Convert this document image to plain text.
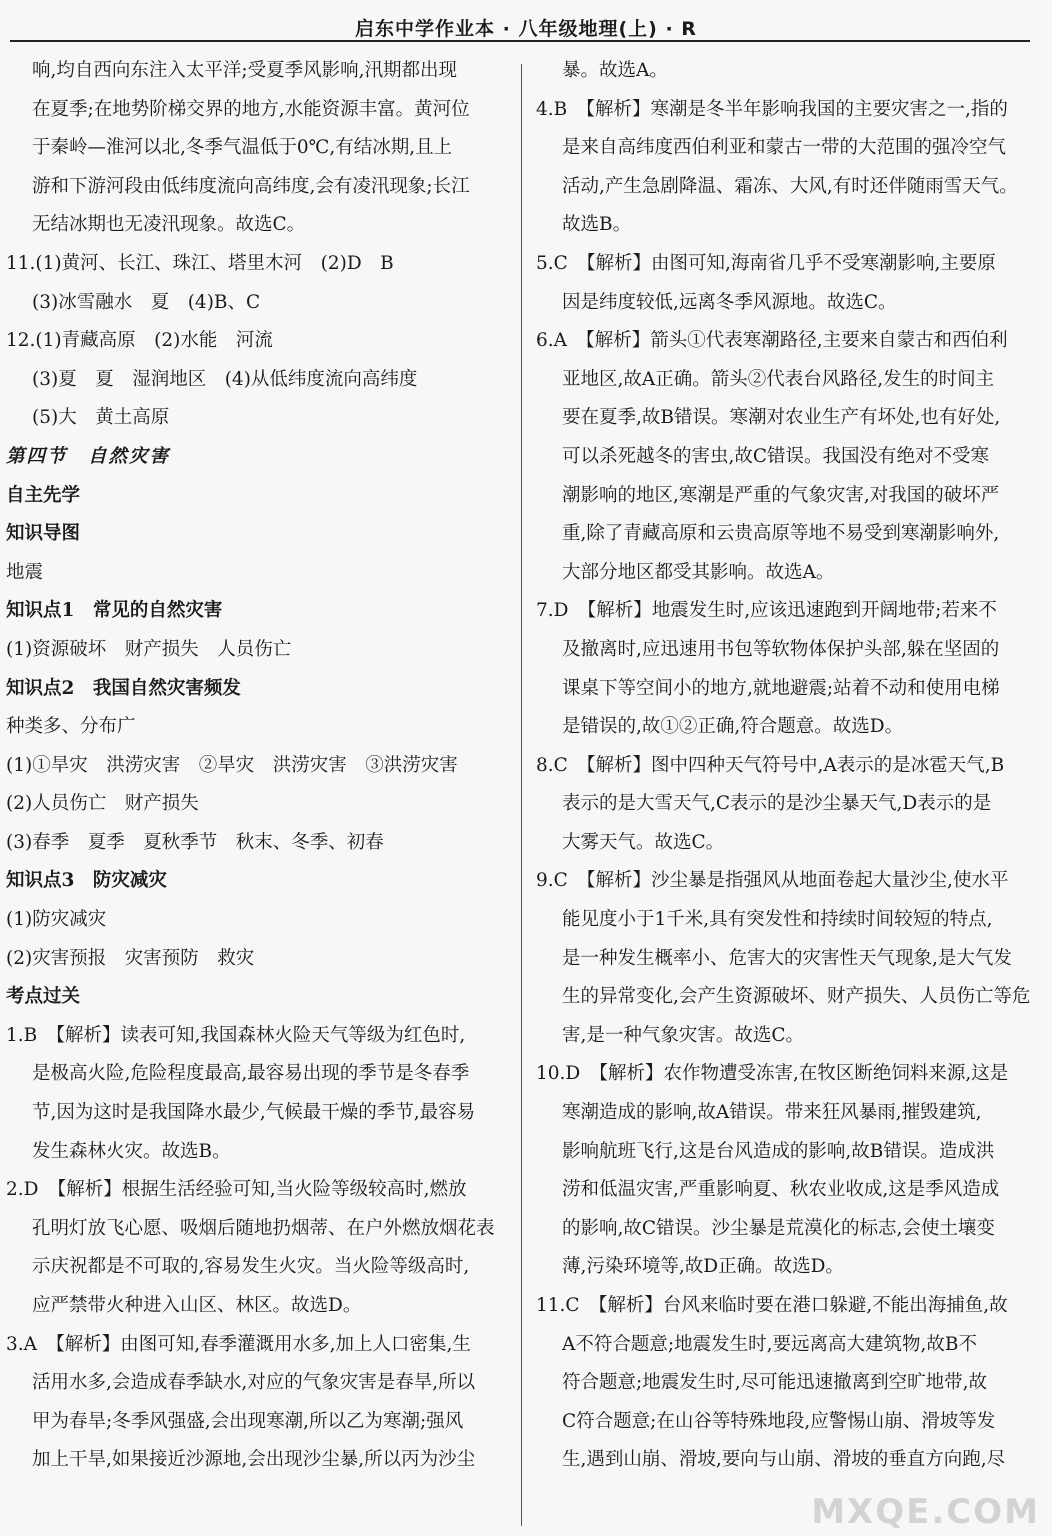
启东中学作业本 · 八年级地理(上) · R
响,均自西向东注入太平洋;受夏季风影响,汛期都出现
在夏季;在地势阶梯交界的地方,水能资源丰富。黄河位
于秦岭—淮河以北,冬季气温低于0℃,有结冰期,且上
游和下游河段由低纬度流向高纬度,会有凌汛现象;长江
无结冰期也无凌汛现象。故选C。
11.(1)黄河、长江、珠江、塔里木河　(2)D　B
(3)冰雪融水　夏　(4)B、C
12.(1)青藏高原　(2)水能　河流
(3)夏　夏　湿润地区　(4)从低纬度流向高纬度
(5)大　黄土高原
第四节　自然灾害
自主先学
知识导图
地震
知识点1　常见的自然灾害
(1)资源破坏　财产损失　人员伤亡
知识点2　我国自然灾害频发
种类多、分布广
(1)①旱灾　洪涝灾害　②旱灾　洪涝灾害　③洪涝灾害
(2)人员伤亡　财产损失
(3)春季　夏季　夏秋季节　秋末、冬季、初春
知识点3　防灾减灾
(1)防灾减灾
(2)灾害预报　灾害预防　救灾
考点过关
1.B　【解析】读表可知,我国森林火险天气等级为红色时,
是极高火险,危险程度最高,最容易出现的季节是冬春季
节,因为这时是我国降水最少,气候最干燥的季节,最容易
发生森林火灾。故选B。
2.D　【解析】根据生活经验可知,当火险等级较高时,燃放
孔明灯放飞心愿、吸烟后随地扔烟蒂、在户外燃放烟花表
示庆祝都是不可取的,容易发生火灾。当火险等级高时,
应严禁带火种进入山区、林区。故选D。
3.A　【解析】由图可知,春季灌溉用水多,加上人口密集,生
活用水多,会造成春季缺水,对应的气象灾害是春旱,所以
甲为春旱;冬季风强盛,会出现寒潮,所以乙为寒潮;强风
加上干旱,如果接近沙源地,会出现沙尘暴,所以丙为沙尘
暴。故选A。
4.B　【解析】寒潮是冬半年影响我国的主要灾害之一,指的
是来自高纬度西伯利亚和蒙古一带的大范围的强冷空气
活动,产生急剧降温、霜冻、大风,有时还伴随雨雪天气。
故选B。
5.C　【解析】由图可知,海南省几乎不受寒潮影响,主要原
因是纬度较低,远离冬季风源地。故选C。
6.A　【解析】箭头①代表寒潮路径,主要来自蒙古和西伯利
亚地区,故A正确。箭头②代表台风路径,发生的时间主
要在夏季,故B错误。寒潮对农业生产有坏处,也有好处,
可以杀死越冬的害虫,故C错误。我国没有绝对不受寒
潮影响的地区,寒潮是严重的气象灾害,对我国的破坏严
重,除了青藏高原和云贵高原等地不易受到寒潮影响外,
大部分地区都受其影响。故选A。
7.D　【解析】地震发生时,应该迅速跑到开阔地带;若来不
及撤离时,应迅速用书包等软物体保护头部,躲在坚固的
课桌下等空间小的地方,就地避震;站着不动和使用电梯
是错误的,故①②正确,符合题意。故选D。
8.C　【解析】图中四种天气符号中,A表示的是冰雹天气,B
表示的是大雪天气,C表示的是沙尘暴天气,D表示的是
大雾天气。故选C。
9.C　【解析】沙尘暴是指强风从地面卷起大量沙尘,使水平
能见度小于1千米,具有突发性和持续时间较短的特点,
是一种发生概率小、危害大的灾害性天气现象,是大气发
生的异常变化,会产生资源破坏、财产损失、人员伤亡等危
害,是一种气象灾害。故选C。
10.D　【解析】农作物遭受冻害,在牧区断绝饲料来源,这是
寒潮造成的影响,故A错误。带来狂风暴雨,摧毁建筑,
影响航班飞行,这是台风造成的影响,故B错误。造成洪
涝和低温灾害,严重影响夏、秋农业收成,这是季风造成
的影响,故C错误。沙尘暴是荒漠化的标志,会使土壤变
薄,污染环境等,故D正确。故选D。
11.C　【解析】台风来临时要在港口躲避,不能出海捕鱼,故
A不符合题意;地震发生时,要远离高大建筑物,故B不
符合题意;地震发生时,尽可能迅速撤离到空旷地带,故
C符合题意;在山谷等特殊地段,应警惕山崩、滑坡等发
生,遇到山崩、滑坡,要向与山崩、滑坡的垂直方向跑,尽
MXQE.COM
